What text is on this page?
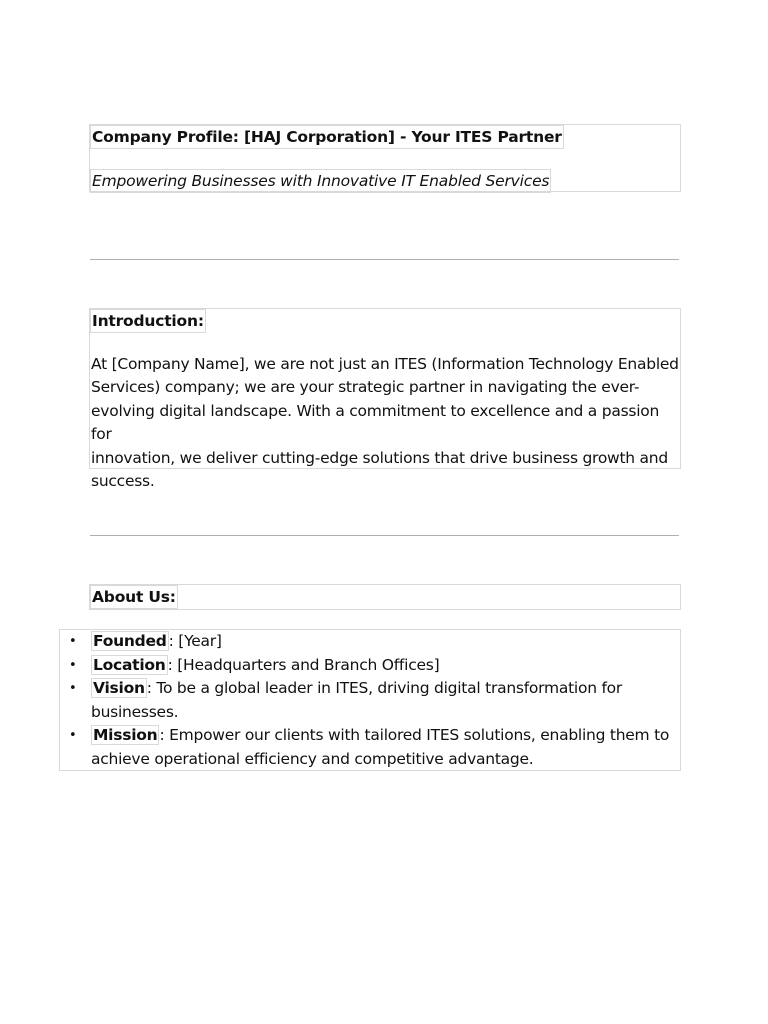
Company Profile: [HAJ Corporation] - Your ITES Partner
Empowering Businesses with Innovative IT Enabled Services
Introduction:

At [Company Name], we are not just an ITES (Information Technology Enabled

Services) company; we are your strategic partner in navigating the ever-

evolving digital landscape. With a commitment to excellence and a passion for

innovation, we deliver cutting-edge solutions that drive business growth and

success.

About Us:
• Founded : [Year]
• Location : [Headquarters and Branch Offices]
• Vision : To be a global leader in ITES, driving digital transformation for businesses.
• Mission : Empower our clients with tailored ITES solutions, enabling them to achieve operational efficiency and competitive advantage.
